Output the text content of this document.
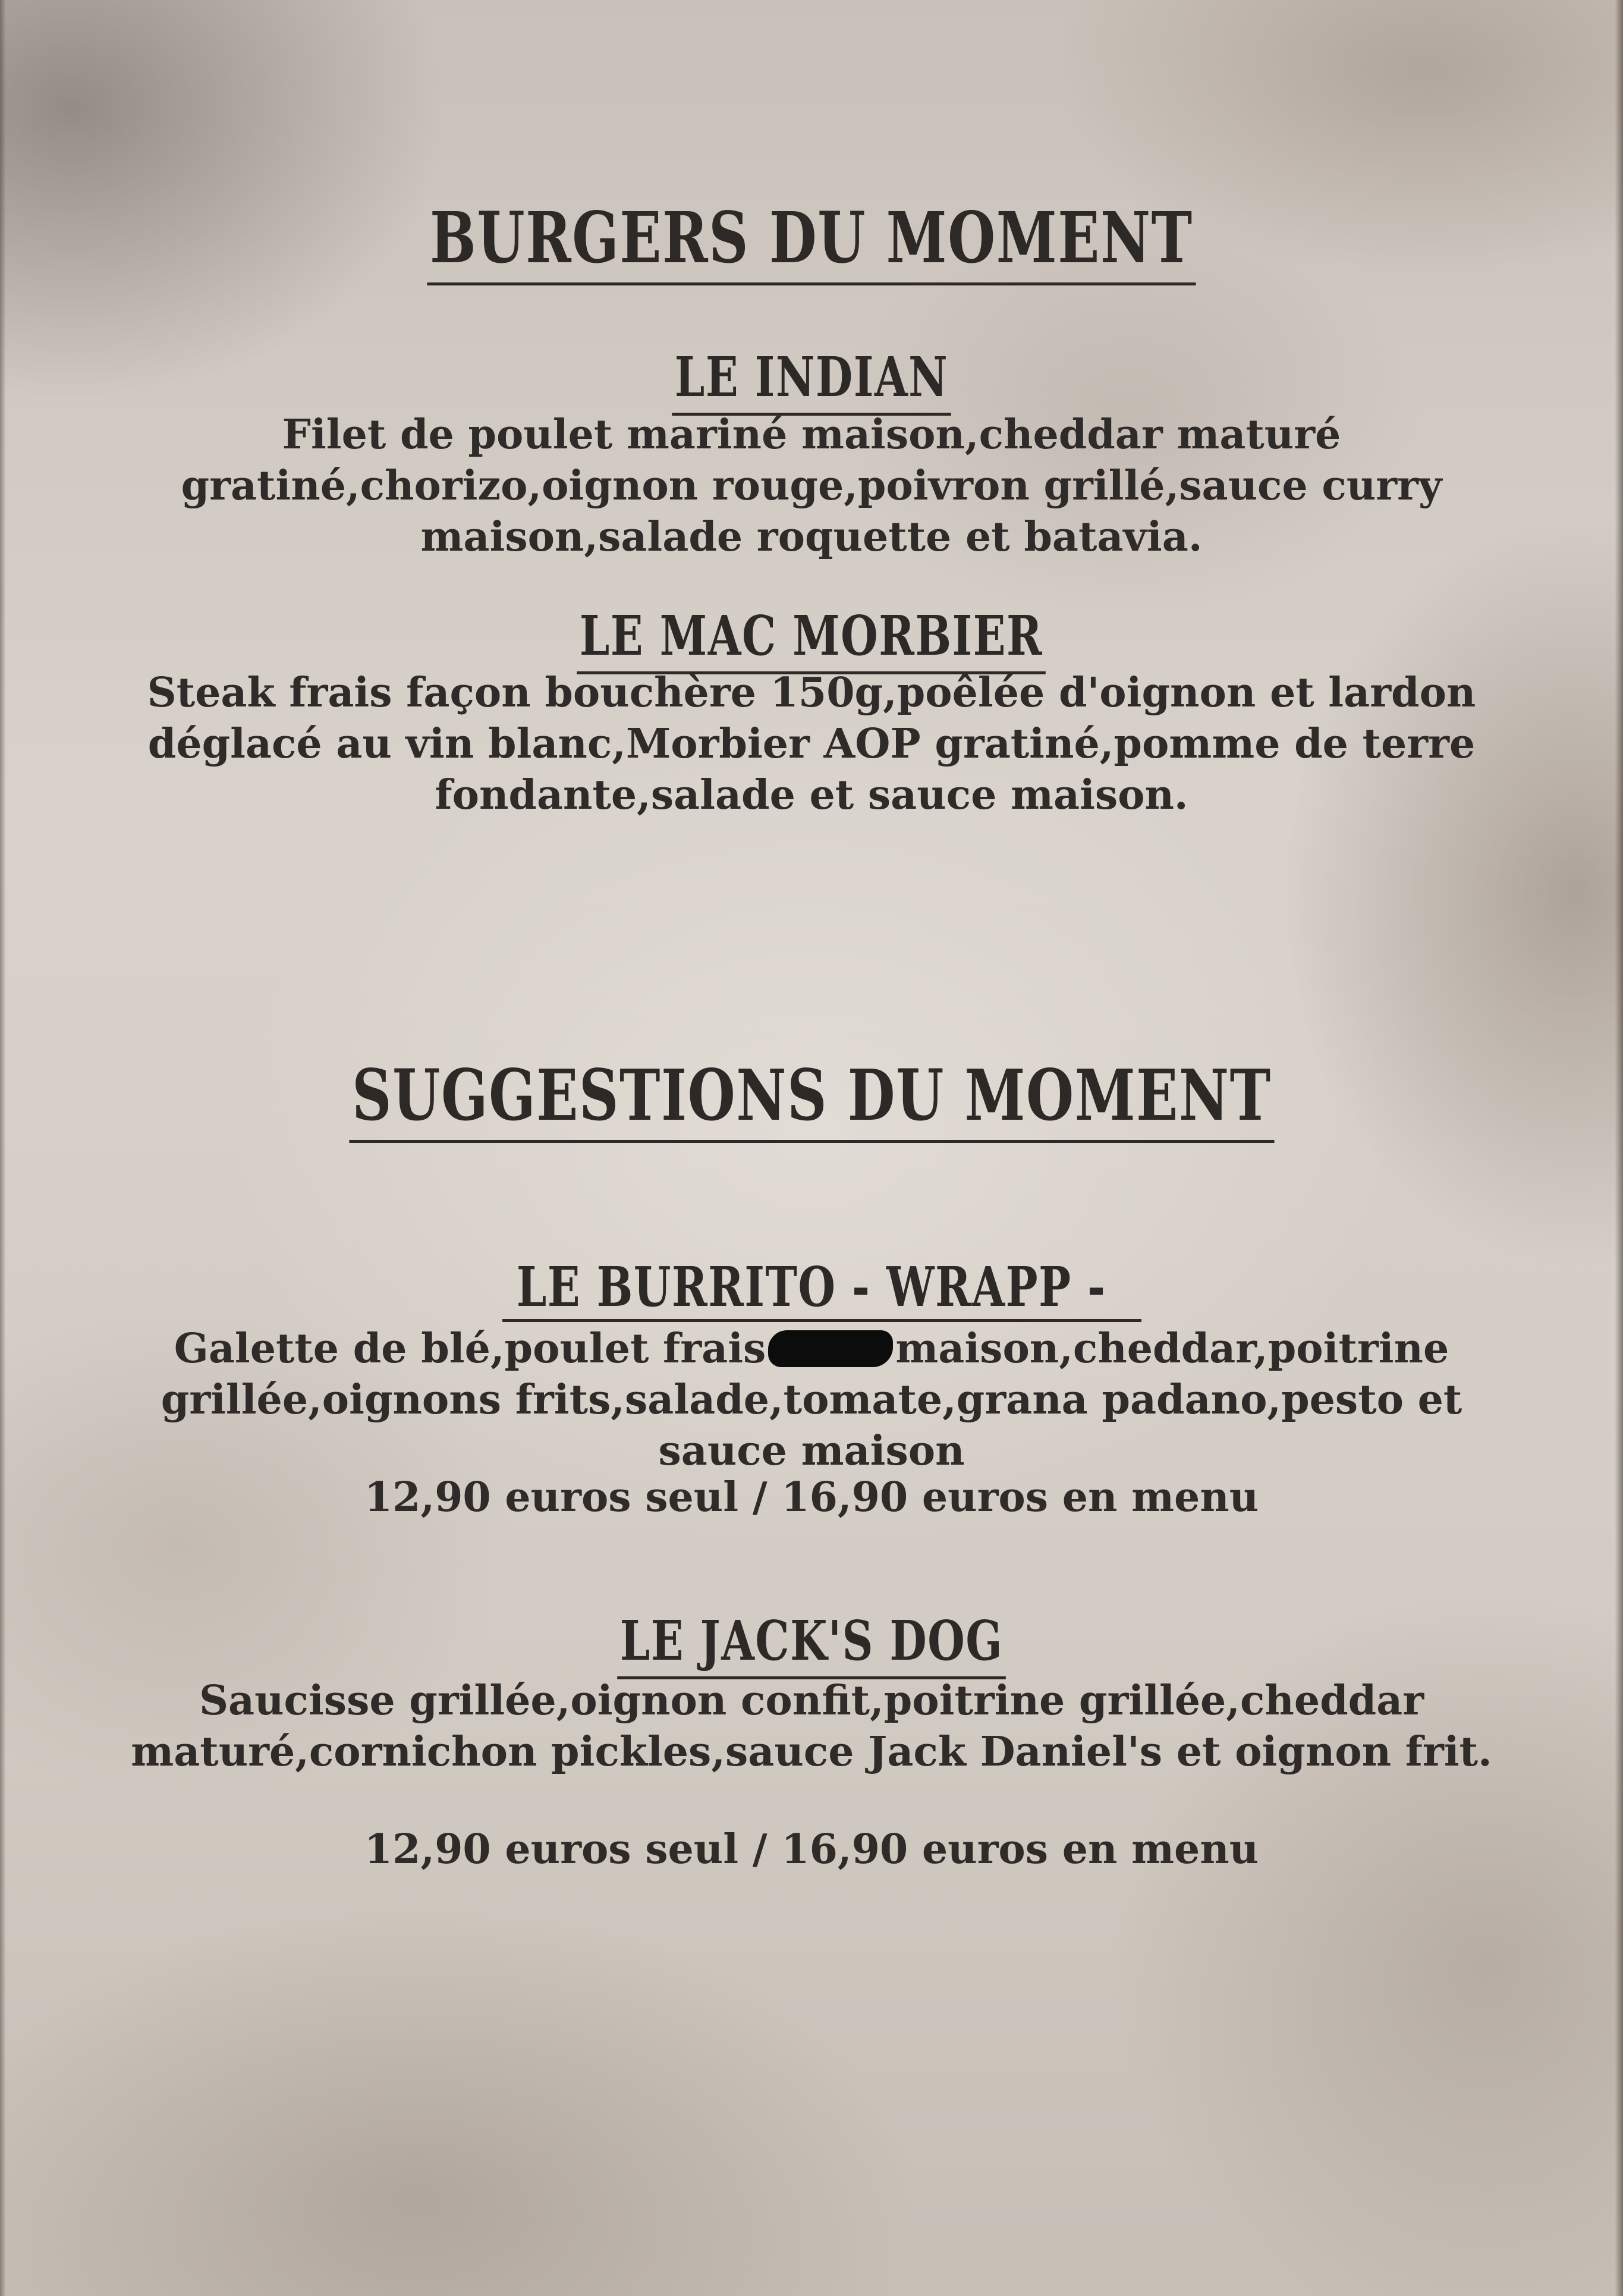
BURGERS DU MOMENT
LE INDIAN
Filet de poulet mariné maison,cheddar maturé
gratiné,chorizo,oignon rouge,poivron grillé,sauce curry
maison,salade roquette et batavia.
LE MAC MORBIER
Steak frais façon bouchère 150g,poêlée d'oignon et lardon
déglacé au vin blanc,Morbier AOP gratiné,pomme de terre
fondante,salade et sauce maison.
SUGGESTIONS DU MOMENT
LE BURRITO - WRAPP -
Galette de blé,poulet frais	maison,cheddar,poitrine
grillée,oignons frits,salade,tomate,grana padano,pesto et
sauce maison
12,90 euros seul / 16,90 euros en menu
LE JACK'S DOG
Saucisse grillée,oignon confit,poitrine grillée,cheddar
maturé,cornichon pickles,sauce Jack Daniel's et oignon frit.
12,90 euros seul / 16,90 euros en menu
